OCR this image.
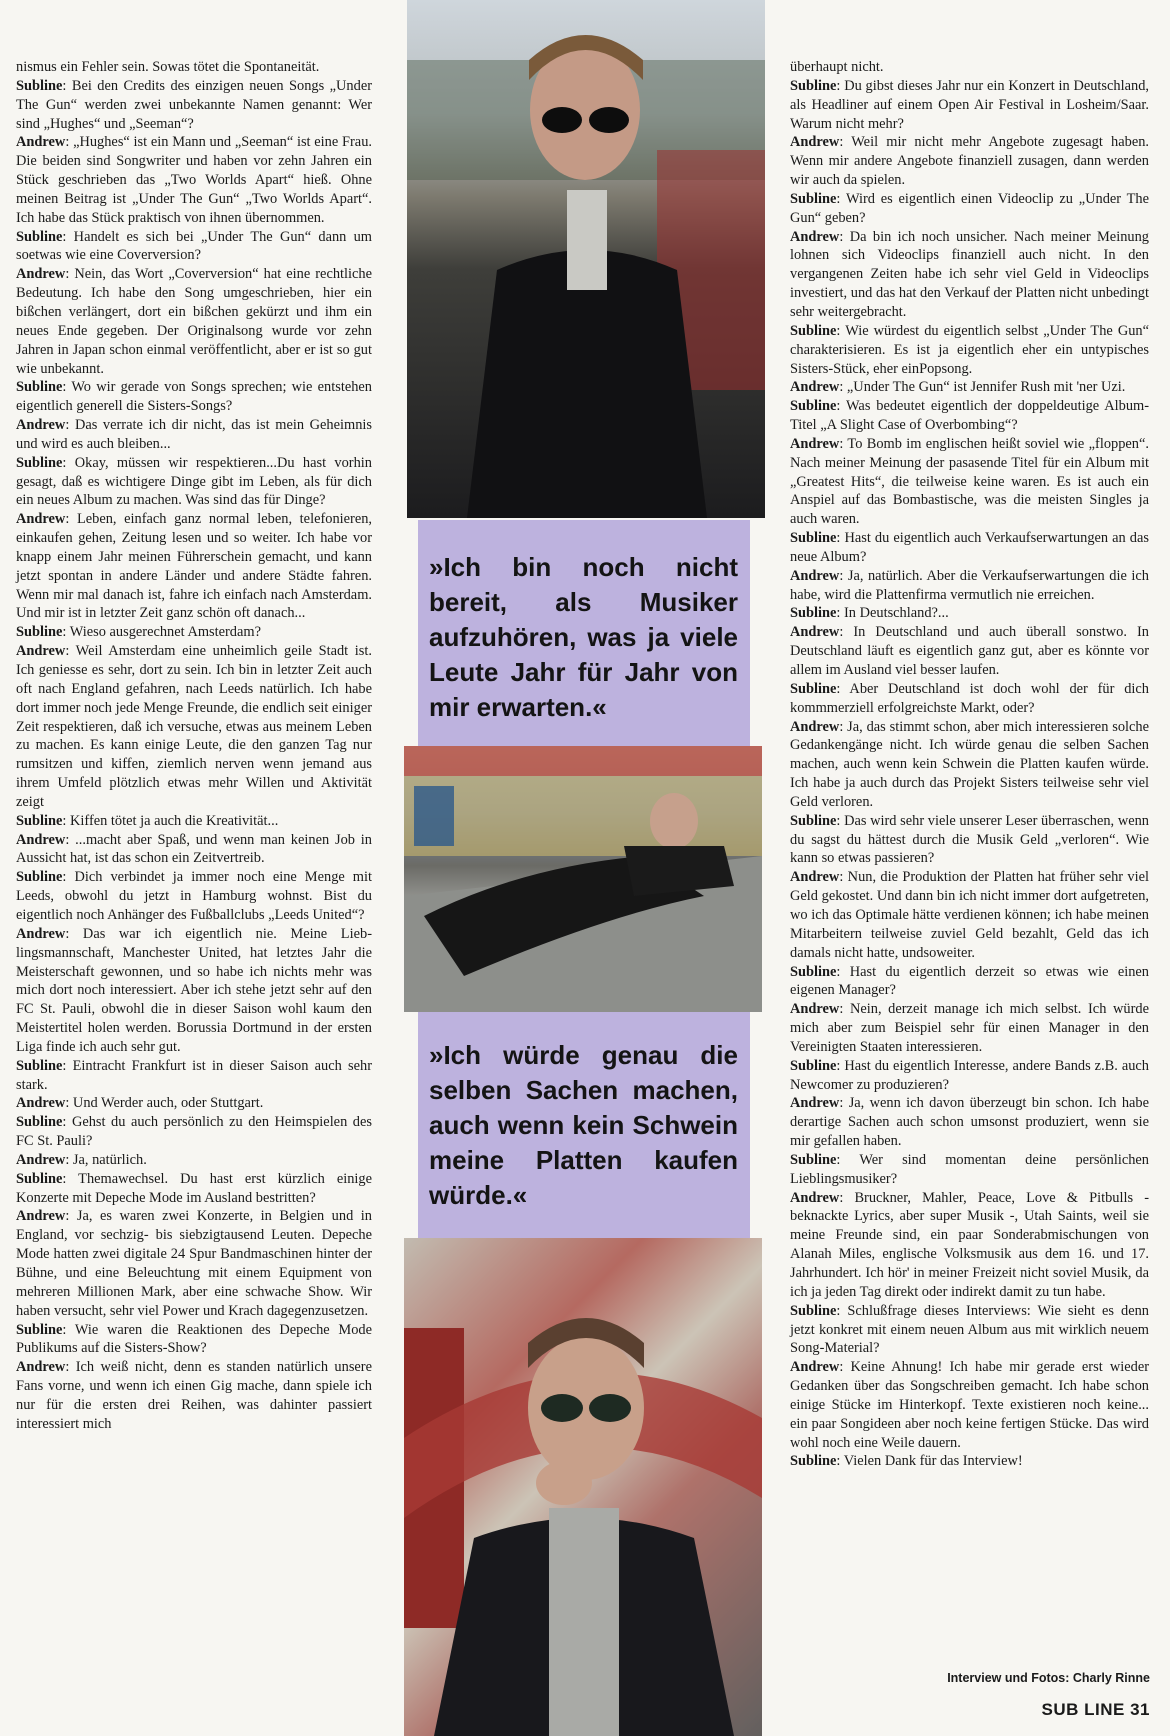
nismus ein Fehler sein. Sowas tötet die Spontaneität.

Subline: Bei den Credits des einzigen neuen Songs „Under The Gun“ werden zwei unbekannte Namen genannt: Wer sind „Hughes“ und „Seeman“?

Andrew: „Hughes“ ist ein Mann und „Seeman“ ist eine Frau. Die beiden sind Songwriter und haben vor zehn Jahren ein Stück geschrieben das „Two Worlds Apart“ hieß. Ohne meinen Beitrag ist „Under The Gun“ „Two Worlds Apart“. Ich habe das Stück praktisch von ihnen übernommen.

Subline: Handelt es sich bei „Under The Gun“ dann um soetwas wie eine Coverversion?

Andrew: Nein, das Wort „Coverversion“ hat eine rechtliche Bedeutung. Ich habe den Song umgeschrieben, hier ein bißchen verlängert, dort ein bißchen gekürzt und ihm ein neues Ende gegeben. Der Originalsong wurde vor zehn Jahren in Japan schon einmal veröffentlicht, aber er ist so gut wie unbekannt.

Subline: Wo wir gerade von Songs sprechen; wie entstehen eigentlich generell die Sisters-Songs?

Andrew: Das verrate ich dir nicht, das ist mein Geheimnis und wird es auch bleiben...

Subline: Okay, müssen wir respektieren...Du hast vorhin gesagt, daß es wichtigere Dinge gibt im Leben, als für dich ein neues Album zu machen. Was sind das für Dinge?

Andrew: Leben, einfach ganz normal leben, telefonieren, einkaufen gehen, Zeitung lesen und so weiter. Ich habe vor knapp einem Jahr meinen Führerschein gemacht, und kann jetzt spontan in andere Länder und andere Städte fahren. Wenn mir mal danach ist, fahre ich einfach nach Amsterdam. Und mir ist in letzter Zeit ganz schön oft danach...

Subline: Wieso ausgerechnet Amsterdam?

Andrew: Weil Amsterdam eine unheimlich geile Stadt ist. Ich geniesse es sehr, dort zu sein. Ich bin in letzter Zeit auch oft nach England gefahren, nach Leeds natürlich. Ich habe dort immer noch jede Menge Freunde, die endlich seit einiger Zeit respektieren, daß ich versuche, etwas aus meinem Leben zu machen. Es kann einige Leute, die den ganzen Tag nur rumsitzen und kiffen, ziemlich nerven wenn jemand aus ihrem Umfeld plötzlich etwas mehr Willen und Aktivität zeigt

Subline: Kiffen tötet ja auch die Kreativität...

Andrew: ...macht aber Spaß, und wenn man keinen Job in Aussicht hat, ist das schon ein Zeitvertreib.

Subline: Dich verbindet ja immer noch eine Menge mit Leeds, obwohl du jetzt in Hamburg wohnst. Bist du eigentlich noch Anhänger des Fußballclubs „Leeds United“?

Andrew: Das war ich eigentlich nie. Meine Lieblingsmannschaft, Manchester United, hat letztes Jahr die Meisterschaft gewonnen, und so habe ich nichts mehr was mich dort noch interessiert. Aber ich stehe jetzt sehr auf den FC St. Pauli, obwohl die in dieser Saison wohl kaum den Meistertitel holen werden. Borussia Dortmund in der ersten Liga finde ich auch sehr gut.

Subline: Eintracht Frankfurt ist in dieser Saison auch sehr stark.

Andrew: Und Werder auch, oder Stuttgart.

Subline: Gehst du auch persönlich zu den Heimspielen des FC St. Pauli?

Andrew: Ja, natürlich.

Subline: Themawechsel. Du hast erst kürzlich einige Konzerte mit Depeche Mode im Ausland bestritten?

Andrew: Ja, es waren zwei Konzerte, in Belgien und in England, vor sechzig- bis siebzigtausend Leuten. Depeche Mode hatten zwei digitale 24 Spur Bandmaschinen hinter der Bühne, und eine Beleuchtung mit einem Equipment von mehreren Millionen Mark, aber eine schwache Show. Wir haben versucht, sehr viel Power und Krach dagegenzusetzen.

Subline: Wie waren die Reaktionen des Depeche Mode Publikums auf die Sisters-Show?

Andrew: Ich weiß nicht, denn es standen natürlich unsere Fans vorne, und wenn ich einen Gig mache, dann spiele ich nur für die ersten drei Reihen, was dahinter passiert interessiert mich

überhaupt nicht.

Subline: Du gibst dieses Jahr nur ein Konzert in Deutschland, als Headliner auf einem Open Air Festival in Losheim/Saar. Warum nicht mehr?

Andrew: Weil mir nicht mehr Angebote zugesagt haben. Wenn mir andere Angebote finanziell zusagen, dann werden wir auch da spielen.

Subline: Wird es eigentlich einen Videoclip zu „Under The Gun“ geben?

Andrew: Da bin ich noch unsicher. Nach meiner Meinung lohnen sich Videoclips finanziell auch nicht. In den vergangenen Zeiten habe ich sehr viel Geld in Videoclips investiert, und das hat den Verkauf der Platten nicht unbedingt sehr weitergebracht.

Subline: Wie würdest du eigentlich selbst „Under The Gun“ charakterisieren. Es ist ja eigentlich eher ein untypisches Sisters-Stück, eher einPopsong.

Andrew: „Under The Gun“ ist Jennifer Rush mit 'ner Uzi.

Subline: Was bedeutet eigentlich der doppeldeutige Album-Titel „A Slight Case of Overbombing“?

Andrew: To Bomb im englischen heißt soviel wie „floppen“. Nach meiner Meinung der pasasende Titel für ein Album mit „Greatest Hits“, die teilweise keine waren. Es ist auch ein Anspiel auf das Bombastische, was die meisten Singles ja auch waren.

Subline: Hast du eigentlich auch Verkaufserwartungen an das neue Album?

Andrew: Ja, natürlich. Aber die Verkaufserwartungen die ich habe, wird die Plattenfirma vermutlich nie erreichen.

Subline: In Deutschland?...

Andrew: In Deutschland und auch überall sonstwo. In Deutschland läuft es eigentlich ganz gut, aber es könnte vor allem im Ausland viel besser laufen.

Subline: Aber Deutschland ist doch wohl der für dich kommmerziell erfolgreichste Markt, oder?

Andrew: Ja, das stimmt schon, aber mich interessieren solche Gedankengänge nicht. Ich würde genau die selben Sachen machen, auch wenn kein Schwein die Platten kaufen würde. Ich habe ja auch durch das Projekt Sisters teilweise sehr viel Geld verloren.

Subline: Das wird sehr viele unserer Leser überraschen, wenn du sagst du hättest durch die Musik Geld „verloren“. Wie kann so etwas passieren?

Andrew: Nun, die Produktion der Platten hat früher sehr viel Geld gekostet. Und dann bin ich nicht immer dort aufgetreten, wo ich das Optimale hätte verdienen können; ich habe meinen Mitarbeitern teilweise zuviel Geld bezahlt, Geld das ich damals nicht hatte, undsoweiter.

Subline: Hast du eigentlich derzeit so etwas wie einen eigenen Manager?

Andrew: Nein, derzeit manage ich mich selbst. Ich würde mich aber zum Beispiel sehr für einen Manager in den Vereinigten Staaten interessieren.

Subline: Hast du eigentlich Interesse, andere Bands z.B. auch Newcomer zu produzieren?

Andrew: Ja, wenn ich davon überzeugt bin schon. Ich habe derartige Sachen auch schon umsonst produziert, wenn sie mir gefallen haben.

Subline: Wer sind momentan deine persönlichen Lieblingsmusiker?

Andrew: Bruckner, Mahler, Peace, Love & Pitbulls - beknackte Lyrics, aber super Musik -, Utah Saints, weil sie meine Freunde sind, ein paar Sonderabmischungen von Alanah Miles, englische Volksmusik aus dem 16. und 17. Jahrhundert. Ich hör' in meiner Freizeit nicht soviel Musik, da ich ja jeden Tag direkt oder indirekt damit zu tun habe.

Subline: Schlußfrage dieses Interviews: Wie sieht es denn jetzt konkret mit einem neuen Album aus mit wirklich neuem Song-Material?

Andrew: Keine Ahnung! Ich habe mir gerade erst wieder Gedanken über das Songschreiben gemacht. Ich habe schon einige Stücke im Hinterkopf. Texte existieren noch keine... ein paar Songideen aber noch keine fertigen Stücke. Das wird wohl noch eine Weile dauern.

Subline: Vielen Dank für das Interview!

»Ich bin noch nicht bereit, als Musiker aufzuhören, was ja viele Leute Jahr für Jahr von mir erwarten.«
»Ich würde genau die selben Sachen machen, auch wenn kein Schwein meine Platten kaufen würde.«
Interview und Fotos: Charly Rinne
SUB LINE 31
